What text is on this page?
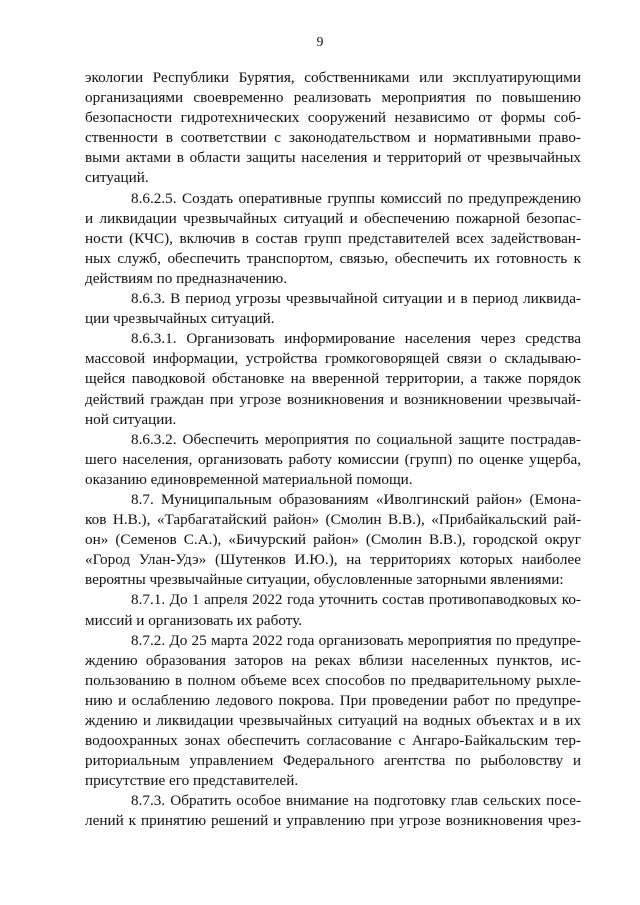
9

экологии Республики Бурятия, собственниками или эксплуатирующими
организациями своевременно реализовать мероприятия по повышению
безопасности гидротехнических сооружений независимо от формы соб-
ственности в соответствии с законодательством и нормативными право-
выми актами в области защиты населения и территорий от чрезвычайных
ситуаций.

8.6.2.5. Создать оперативные группы комиссий по предупреждению
и ликвидации чрезвычайных ситуаций и обеспечению пожарной безопас-
ности (КЧС), включив в состав групп представителей всех задействован-
ных служб, обеспечить транспортом, связью, обеспечить их готовность к
действиям по предназначению.

8.6.3. В период угрозы чрезвычайной ситуации и в период ликвида-
ции чрезвычайных ситуаций.

8.6.3.1. Организовать информирование населения через средства
массовой информации, устройства громкоговорящей связи о складываю-
щейся паводковой обстановке на вверенной территории, а также порядок
действий граждан при угрозе возникновения и возникновении чрезвычай-
ной ситуации.

8.6.3.2. Обеспечить мероприятия по социальной защите пострадав-
шего населения, организовать работу комиссии (групп) по оценке ущерба,
оказанию единовременной материальной помощи.

8.7. Муниципальным образованиям «Иволгинский район» (Емона-
ков Н.В.), «Тарбагатайский район» (Смолин В.В.), «Прибайкальский рай-
он» (Семенов С.А.), «Бичурский район» (Смолин В.В.), городской округ
«Город Улан-Удэ» (Шутенков И.Ю.), на территориях которых наиболее
вероятны чрезвычайные ситуации, обусловленные заторными явлениями:

8.7.1. До 1 апреля 2022 года уточнить состав противопаводковых ко-
миссий и организовать их работу.

8.7.2. До 25 марта 2022 года организовать мероприятия по предупре-
ждению образования заторов на реках вблизи населенных пунктов, ис-
пользованию в полном объеме всех способов по предварительному рыхле-
нию и ослаблению ледового покрова. При проведении работ по предупре-
ждению и ликвидации чрезвычайных ситуаций на водных объектах и в их
водоохранных зонах обеспечить согласование с Ангаро-Байкальским тер-
риториальным управлением Федерального агентства по рыболовству и
присутствие его представителей.

8.7.3. Обратить особое внимание на подготовку глав сельских посе-
лений к принятию решений и управлению при угрозе возникновения чрез-
